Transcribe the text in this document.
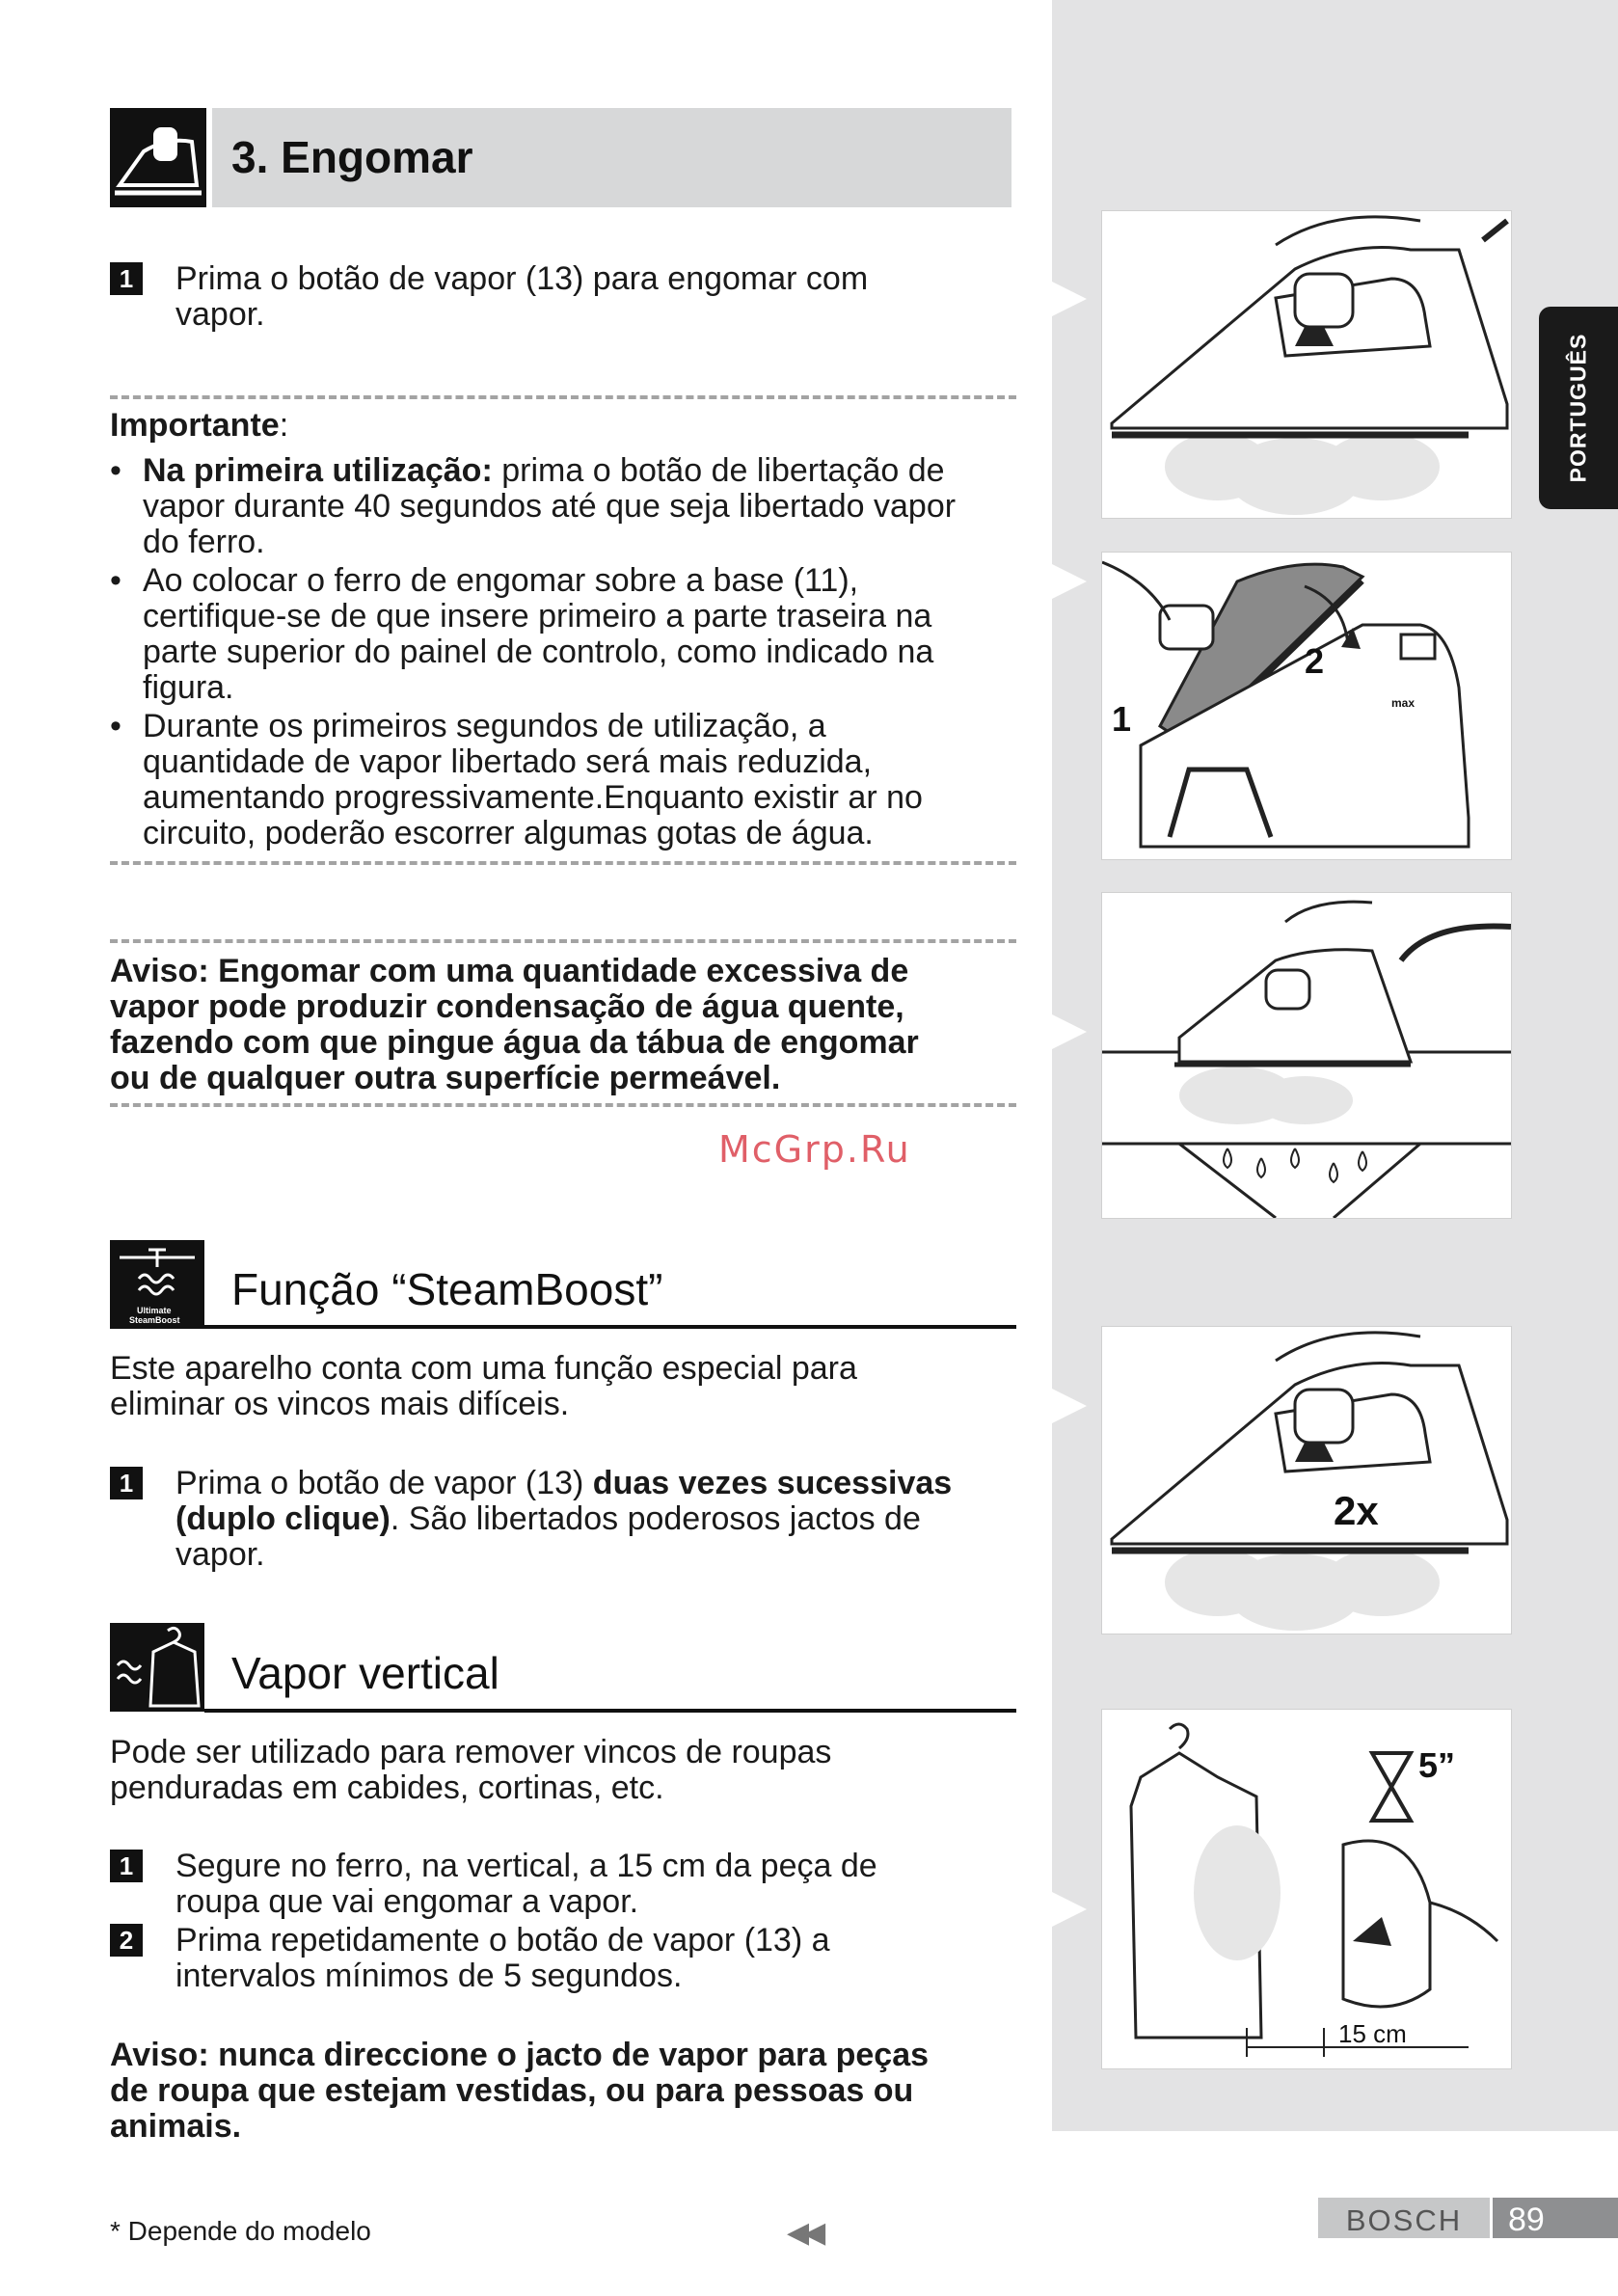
PORTUGUÊS
2
1	max
2x
5”
15 cm
3. Engomar
1 Prima o botão de vapor (13) para engomar com
vapor.
Importante:
• Na primeira utilização: prima o botão de libertação de
vapor durante 40 segundos até que seja libertado vapor
do ferro.
• Ao colocar o ferro de engomar sobre a base (11),
certifique-se de que insere primeiro a parte traseira na
parte superior do painel de controlo, como indicado na
figura.
• Durante os primeiros segundos de utilização, a
quantidade de vapor libertado será mais reduzida,
aumentando progressivamente.Enquanto existir ar no
circuito, poderão escorrer algumas gotas de água.
Aviso: Engomar com uma quantidade excessiva de
vapor pode produzir condensação de água quente,
fazendo com que pingue água da tábua de engomar
ou de qualquer outra superfície permeável.
McGrp.Ru
Ultimate
SteamBoost
Função “SteamBoost”
Este aparelho conta com uma função especial para
eliminar os vincos mais difíceis.
1 Prima o botão de vapor (13) duas vezes sucessivas
(duplo clique). São libertados poderosos jactos de
vapor.
Vapor vertical
Pode ser utilizado para remover vincos de roupas
penduradas em cabides, cortinas, etc.
1 Segure no ferro, na vertical, a 15 cm da peça de
roupa que vai engomar a vapor.
2 Prima repetidamente o botão de vapor (13) a
intervalos mínimos de 5 segundos.
Aviso: nunca direccione o jacto de vapor para peças
de roupa que estejam vestidas, ou para pessoas ou
animais.
* Depende do modelo	◀◀	BOSCH	89
